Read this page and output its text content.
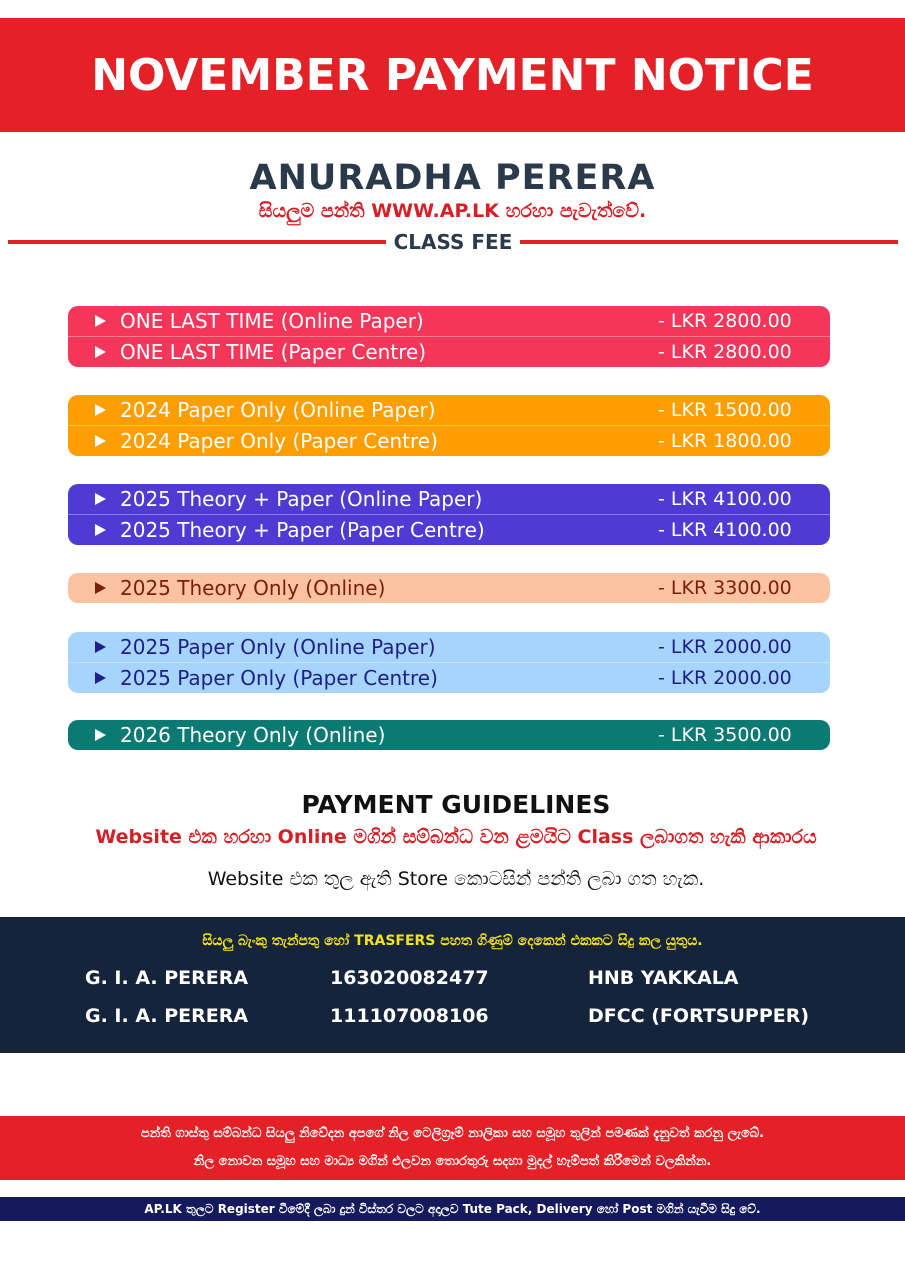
NOVEMBER PAYMENT NOTICE
ANURADHA PERERA
සියලුම පන්ති WWW.AP.LK හරහා පැවැත්වේ.
CLASS FEE
ONE LAST TIME (Online Paper)	- LKR 2800.00
ONE LAST TIME (Paper Centre)	- LKR 2800.00
2024 Paper Only (Online Paper)	- LKR 1500.00
2024 Paper Only (Paper Centre)	- LKR 1800.00
2025 Theory + Paper (Online Paper)	- LKR 4100.00
2025 Theory + Paper (Paper Centre)	- LKR 4100.00
2025 Theory Only (Online)	- LKR 3300.00
2025 Paper Only (Online Paper)	- LKR 2000.00
2025 Paper Only (Paper Centre)	- LKR 2000.00
2026 Theory Only (Online)	- LKR 3500.00
PAYMENT GUIDELINES
Website එක හරහා Online මගින් සම්බන්ධ වන ළමයිට Class ලබාගත හැකි ආකාරය
Website එක තුල ඇති Store කොටසින් පන්ති ලබා ගත හැක.
සියලු බැංකු තැන්පතු හෝ TRASFERS පහත ගිණුම් දෙකෙන් එකකට සිදු කල යුතුය.
G. I. A. PERERA	163020082477	HNB YAKKALA
G. I. A. PERERA	111107008106	DFCC (FORTSUPPER)
පන්ති ගාස්තු සම්බන්ධ සියලු නිවේදන අපගේ නිල ටෙලිග්‍රෑම් නාලිකා සහ සමූහ තුලින් පමණක් දැනුවත් කරනු ලැබේ.
නිල නොවන සමූහ සහ මාධ්‍ය මගින් එලවන තොරතුරු සදහා මුදල් හැම්පත් කිරීමෙන් වලකින්න.
AP.LK තුලට Register වීමේදී ලබා දුන් විස්තර වලට අදාලව Tute Pack, Delivery හෝ Post මගින් යැවීම සිදු වේ.
